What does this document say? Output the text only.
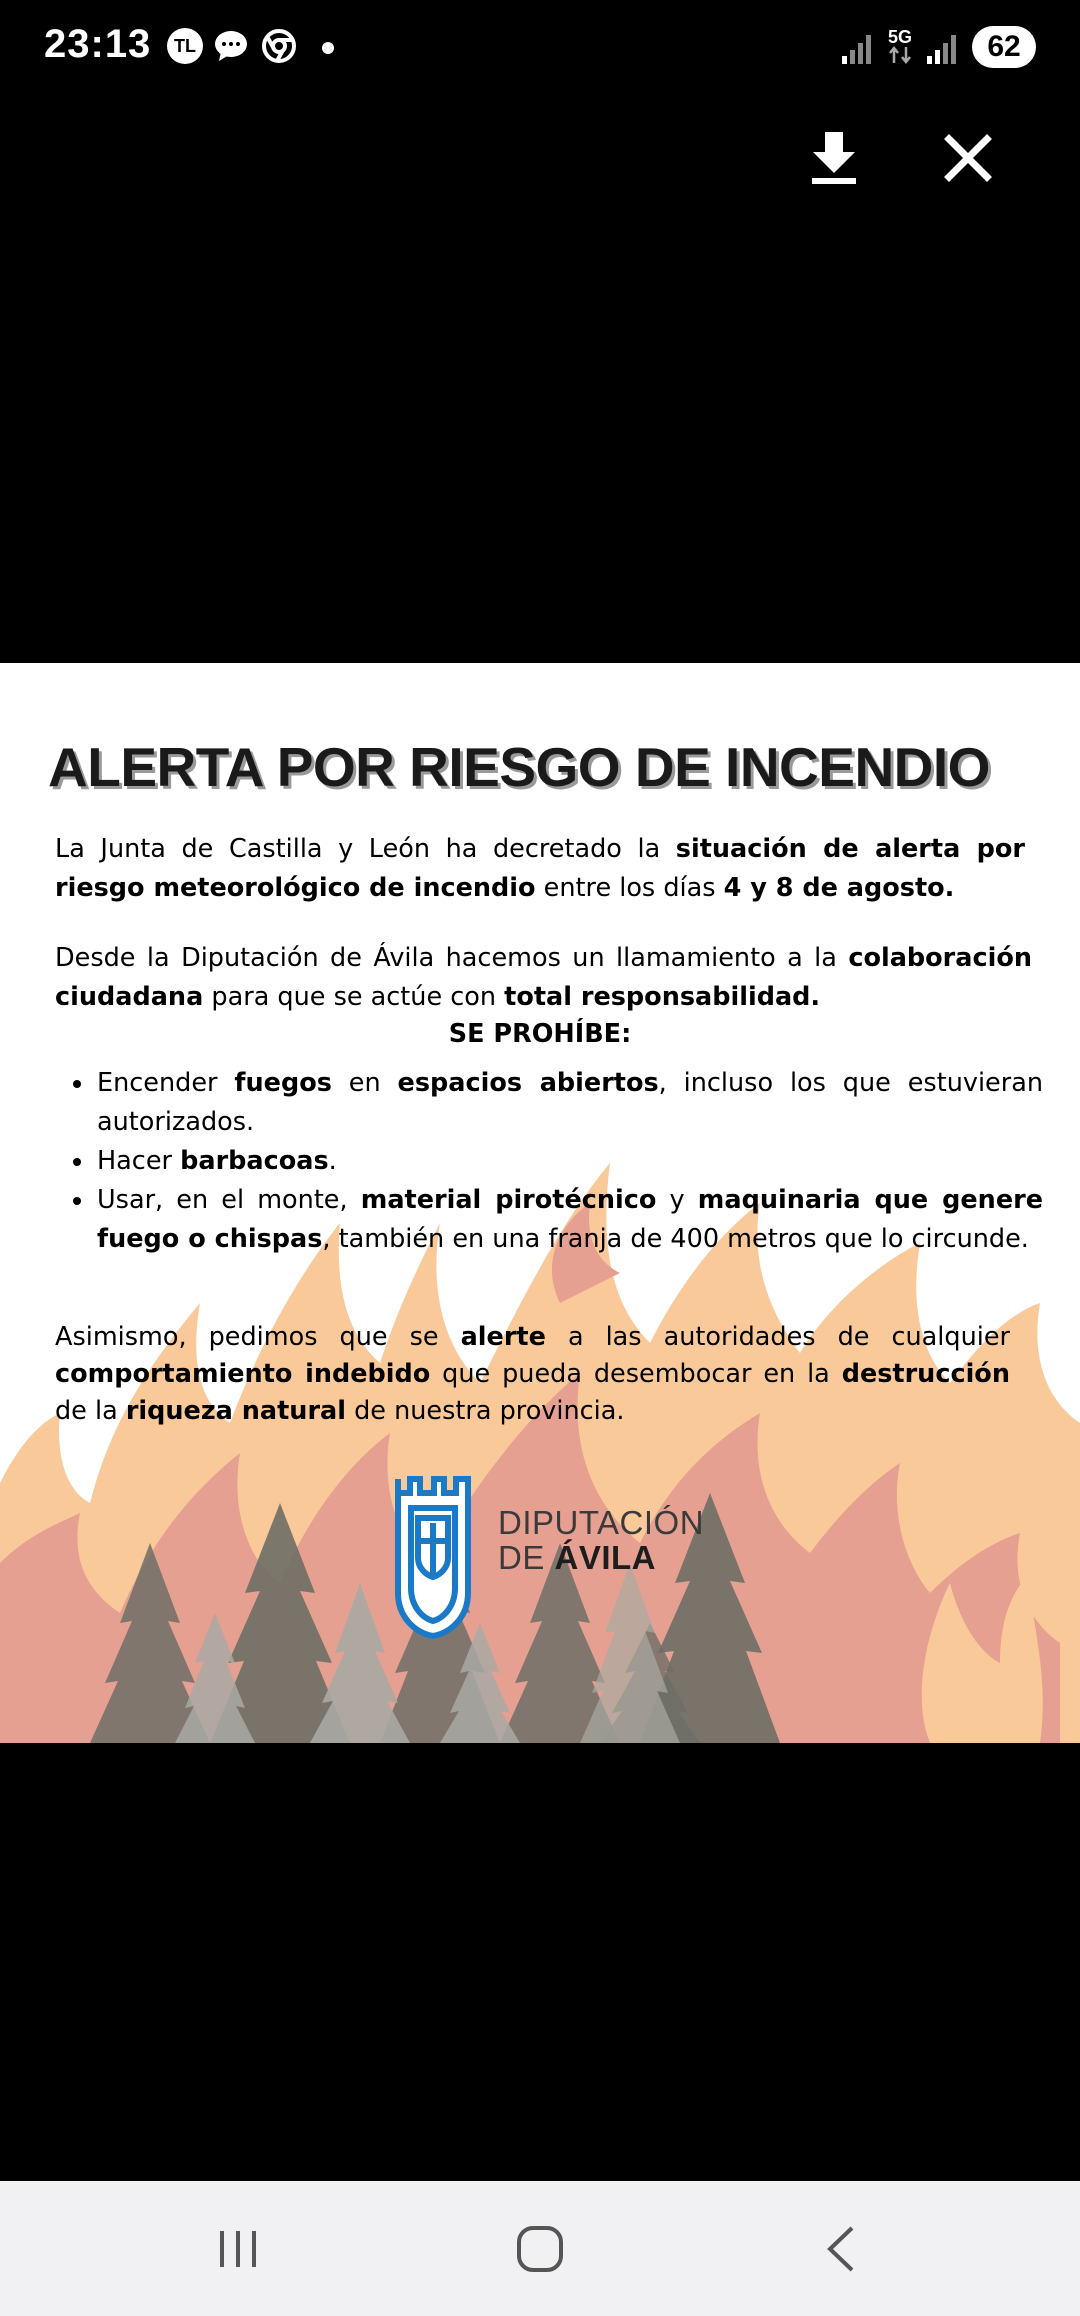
23:13	TL	5G	62
ALERTA POR RIESGO DE INCENDIO
La Junta de Castilla y León ha decretado la situación de alerta por riesgo meteorológico de incendio entre los días 4 y 8 de agosto.
Desde la Diputación de Ávila hacemos un llamamiento a la colaboración ciudadana para que se actúe con total responsabilidad.
SE PROHÍBE:
• Encender fuegos en espacios abiertos, incluso los que estuvieran autorizados.
• Hacer barbacoas.
• Usar, en el monte, material pirotécnico y maquinaria que genere fuego o chispas, también en una franja de 400 metros que lo circunde.
Asimismo, pedimos que se alerte a las autoridades de cualquier comportamiento indebido que pueda desembocar en la destrucción de la riqueza natural de nuestra provincia.
DIPUTACIÓN
DE ÁVILA
